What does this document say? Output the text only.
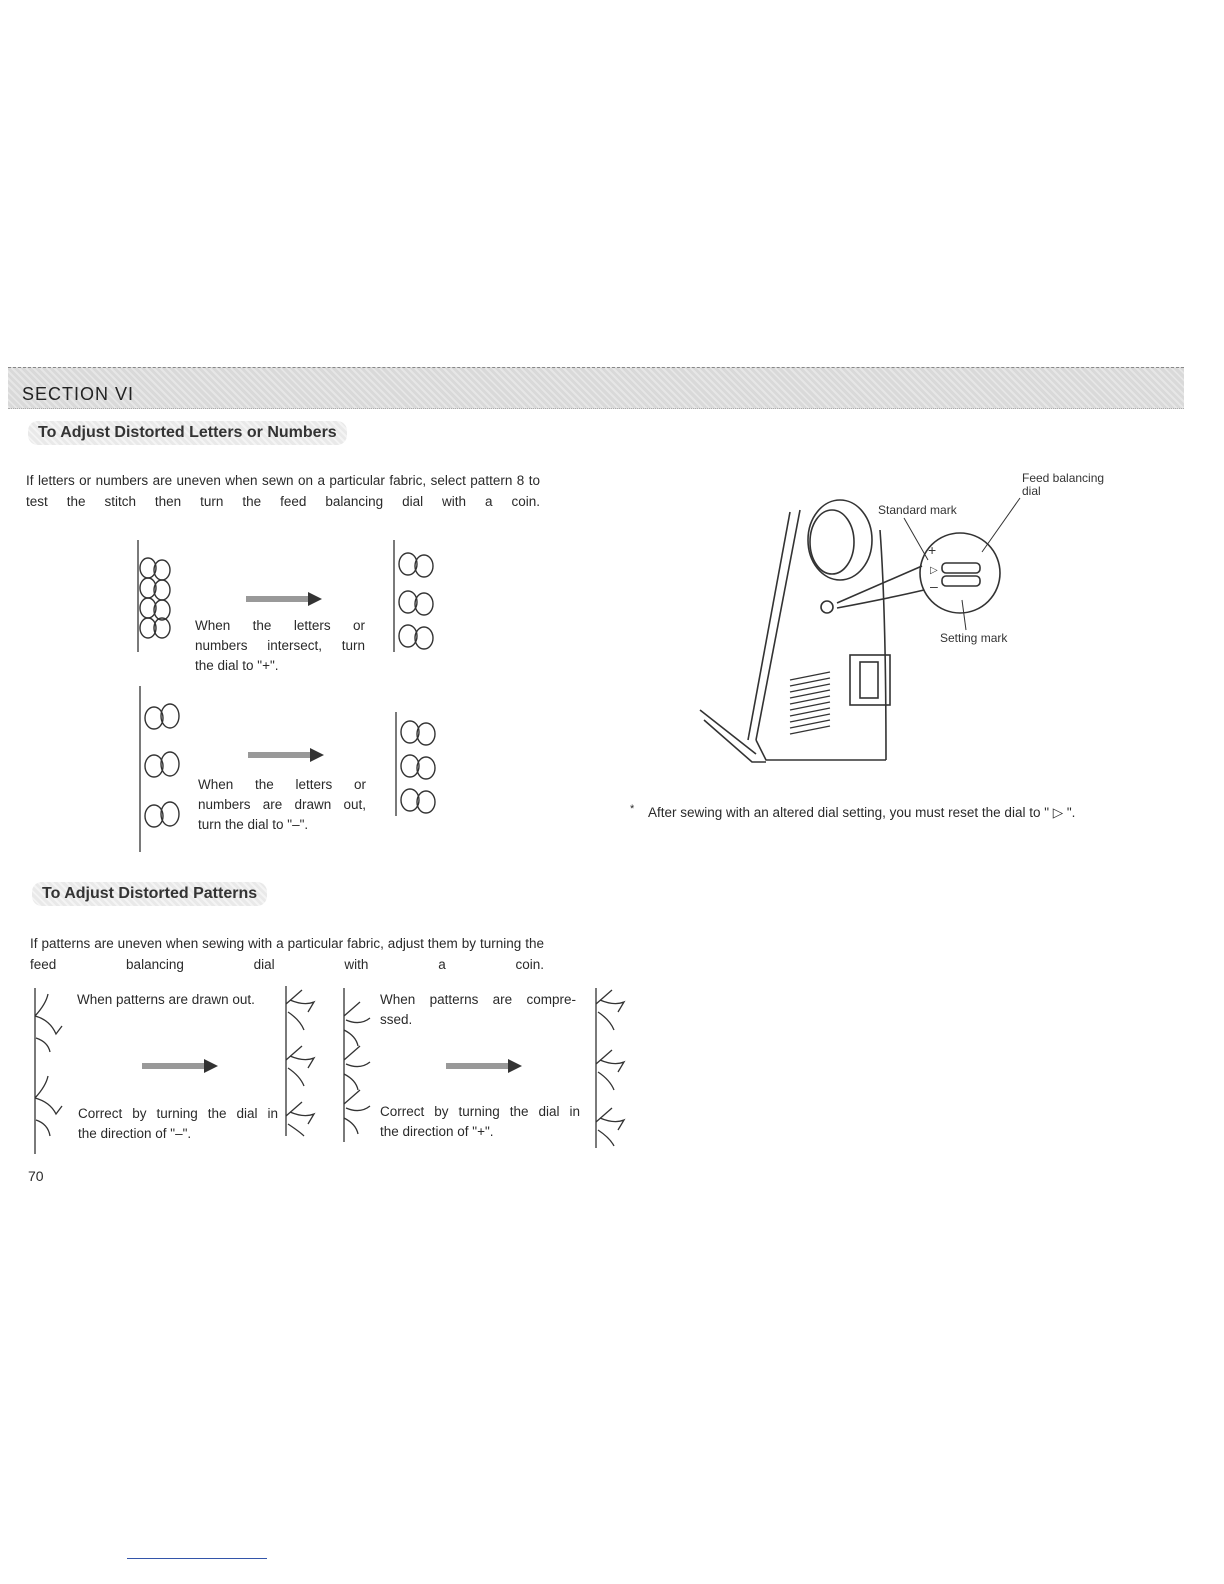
SECTION VI
To Adjust Distorted Letters or Numbers
If letters or numbers are uneven when sewn on a particular fabric, select pattern 8 to test the stitch then turn the feed balancing dial with a coin.
When the letters or
numbers intersect, turn
the dial to "+".
When the letters or
numbers are drawn out,
turn the dial to "–".
+
▷
–
Feed balancing
dial
Standard mark
Setting mark
* After sewing with an altered dial setting, you must reset the dial to " ▷ ".
To Adjust Distorted Patterns
If patterns are uneven when sewing with a particular fabric, adjust them by turning the feed balancing dial with a coin.
When patterns are drawn out.
Correct by turning the dial in
the direction of "–".
When patterns are compre-
ssed.
Correct by turning the dial in
the direction of "+".
70
